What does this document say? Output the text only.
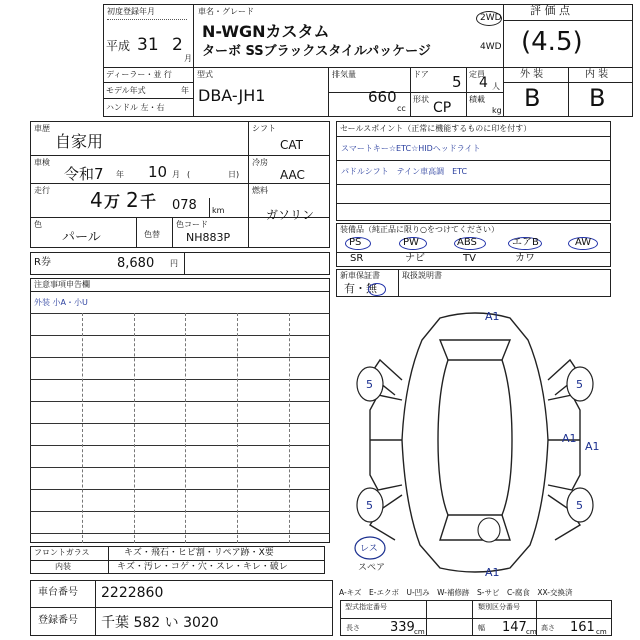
初度登録年月
平成 31 2
月
車名・グレード
N-WGNカスタム
ターボ SSブラックスタイルパッケージ
2WD
4WD
評 価 点
(4.5)
外 装	内 装
B B
ディーラー・並 行
モデル年式	年
ハンドル 左・右
型式
DBA-JH1
排気量
660
cc
ドア 5 定員
4 人
形状
CP
積載
kg
車歴
自家用
車検
令和7 年 10 月 (	日)
走行 4 万 2 千 078 km
色
パール	色替
色コード
NH883P
シフト
CAT
冷房
AAC
燃料
ガソリン
セールスポイント（正常に機能するものに印を付す）
スマートキー☆ETC☆HIDヘッドライト
パドルシフト　テイン車高調　ETC
装備品（純正品に限り○をつけてください）
PS	PW	ABS	エアB	AW
SR	ナビ	TV	カワ
新車保証書
有・無
取扱説明書
R券	8,680 円
注意事項申告欄
外装 小A・小U
A1
5	5
A1
A1
5	5
A1
レス
スペア
フロントガラス	キズ・飛石・ヒビ割・リペア跡・X要
内装	キズ・汚レ・コゲ・穴・スレ・キレ・破レ
車台番号 2222860
登録番号 千葉 582 い 3020
A-キズ　E-エクボ　U-凹み　W-補修跡　S-サビ　C-腐食　XX-交換済
型式指定番号	類別区分番号
長さ 339 cm	幅 147 cm 高さ 161 cm
